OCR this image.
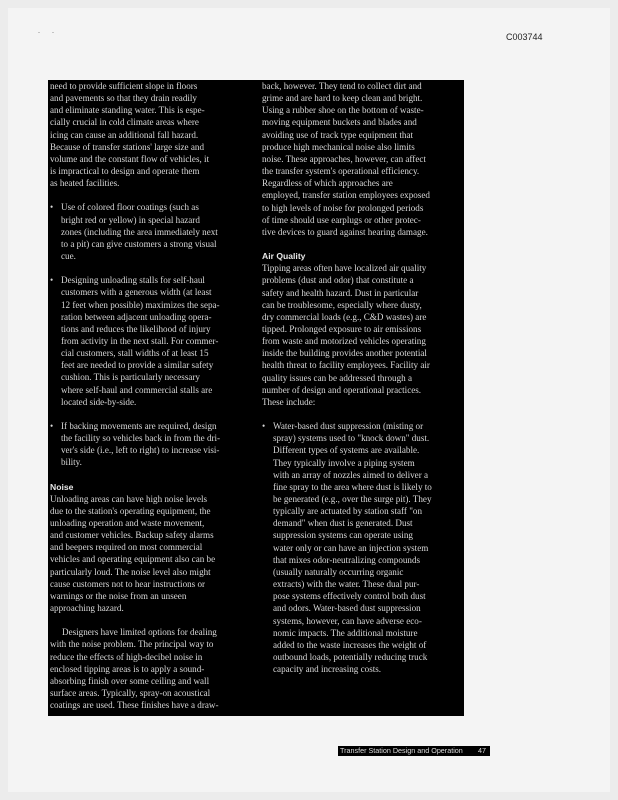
.      .
C003744
need to provide sufficient slope in floors
and pavements so that they drain readily
and eliminate standing water. This is espe-
cially crucial in cold climate areas where
icing can cause an additional fall hazard.
Because of transfer stations' large size and
volume and the constant flow of vehicles, it
is impractical to design and operate them
as heated facilities.
• Use of colored floor coatings (such as
bright red or yellow) in special hazard
zones (including the area immediately next
to a pit) can give customers a strong visual
cue.
• Designing unloading stalls for self-haul
customers with a generous width (at least
12 feet when possible) maximizes the sepa-
ration between adjacent unloading opera-
tions and reduces the likelihood of injury
from activity in the next stall. For commer-
cial customers, stall widths of at least 15
feet are needed to provide a similar safety
cushion. This is particularly necessary
where self-haul and commercial stalls are
located side-by-side.
• If backing movements are required, design
the facility so vehicles back in from the dri-
ver's side (i.e., left to right) to increase visi-
bility.
Noise
Unloading areas can have high noise levels
due to the station's operating equipment, the
unloading operation and waste movement,
and customer vehicles. Backup safety alarms
and beepers required on most commercial
vehicles and operating equipment also can be
particularly loud. The noise level also might
cause customers not to hear instructions or
warnings or the noise from an unseen
approaching hazard.
Designers have limited options for dealing
with the noise problem. The principal way to
reduce the effects of high-decibel noise in
enclosed tipping areas is to apply a sound-
absorbing finish over some ceiling and wall
surface areas. Typically, spray-on acoustical
coatings are used. These finishes have a draw-
back, however. They tend to collect dirt and
grime and are hard to keep clean and bright.
Using a rubber shoe on the bottom of waste-
moving equipment buckets and blades and
avoiding use of track type equipment that
produce high mechanical noise also limits
noise. These approaches, however, can affect
the transfer system's operational efficiency.
Regardless of which approaches are
employed, transfer station employees exposed
to high levels of noise for prolonged periods
of time should use earplugs or other protec-
tive devices to guard against hearing damage.
Air Quality
Tipping areas often have localized air quality
problems (dust and odor) that constitute a
safety and health hazard. Dust in particular
can be troublesome, especially where dusty,
dry commercial loads (e.g., C&D wastes) are
tipped. Prolonged exposure to air emissions
from waste and motorized vehicles operating
inside the building provides another potential
health threat to facility employees. Facility air
quality issues can be addressed through a
number of design and operational practices.
These include:
• Water-based dust suppression (misting or
spray) systems used to "knock down" dust.
Different types of systems are available.
They typically involve a piping system
with an array of nozzles aimed to deliver a
fine spray to the area where dust is likely to
be generated (e.g., over the surge pit). They
typically are actuated by station staff "on
demand" when dust is generated. Dust
suppression systems can operate using
water only or can have an injection system
that mixes odor-neutralizing compounds
(usually naturally occurring organic
extracts) with the water. These dual pur-
pose systems effectively control both dust
and odors. Water-based dust suppression
systems, however, can have adverse eco-
nomic impacts. The additional moisture
added to the waste increases the weight of
outbound loads, potentially reducing truck
capacity and increasing costs.
Transfer Station Design and Operation 47
